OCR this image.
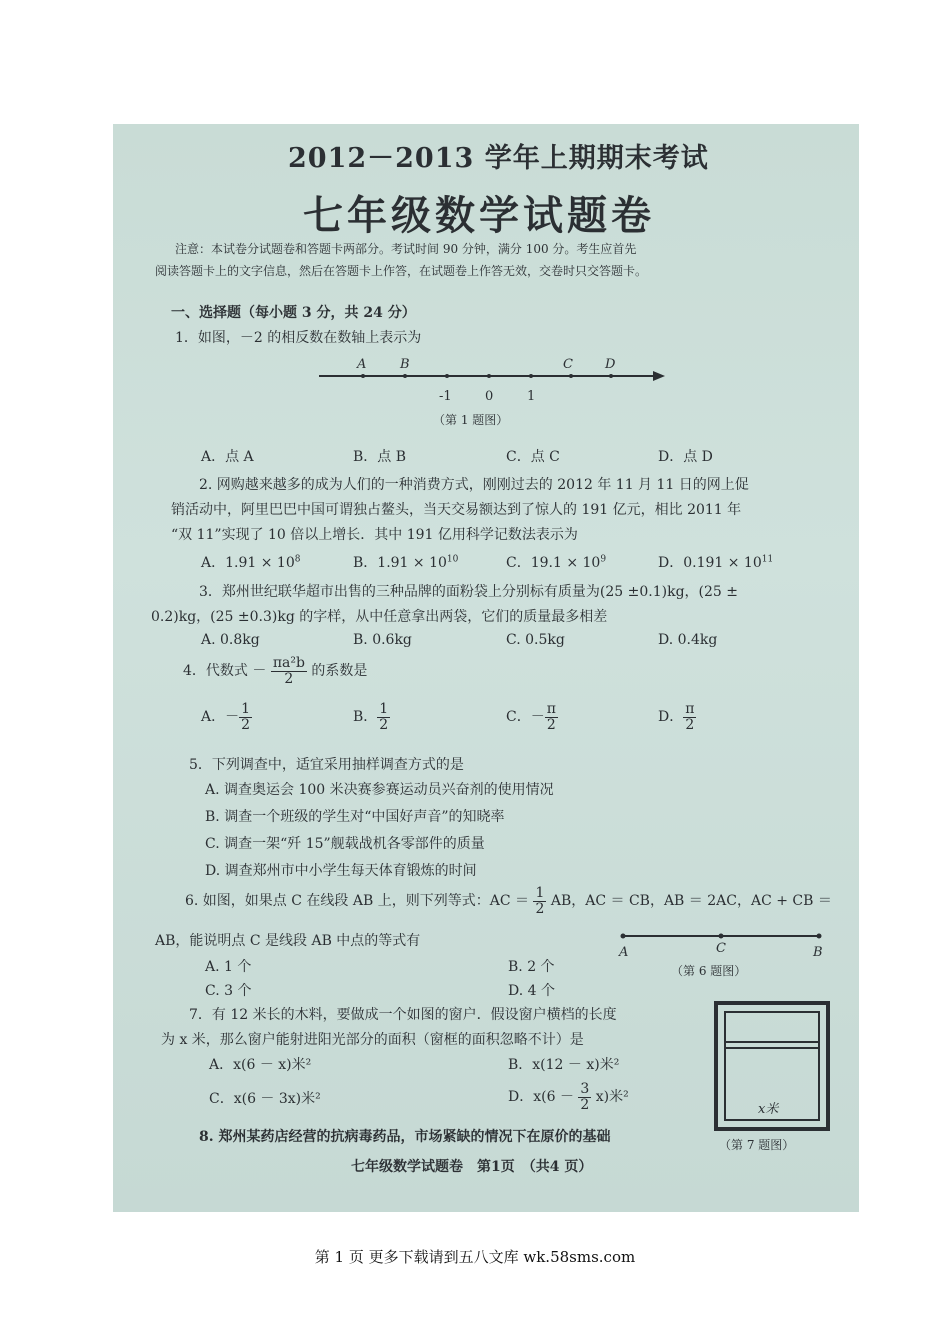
2012－2013 学年上期期末考试
七年级数学试题卷
注意：本试卷分试题卷和答题卡两部分。考试时间 90 分钟，满分 100 分。考生应首先
阅读答题卡上的文字信息，然后在答题卡上作答，在试题卷上作答无效，交卷时只交答题卡。
一、选择题（每小题 3 分，共 24 分）
1．如图，－2 的相反数在数轴上表示为
A	B	C D
-1	0	1
（第 1 题图）
A．点 A	B．点 B	C．点 C	D．点 D
2. 网购越来越多的成为人们的一种消费方式，刚刚过去的 2012 年 11 月 11 日的网上促
销活动中，阿里巴巴中国可谓独占鳌头，当天交易额达到了惊人的 191 亿元，相比 2011 年
“双 11”实现了 10 倍以上增长．其中 191 亿用科学记数法表示为
A．$1.91 \times 10^8$	B．$1.91 \times 10^{10}$	C．$19.1 \times 10^9$	D．$0.191 \times 10^{11}$
3．郑州世纪联华超市出售的三种品牌的面粉袋上分别标有质量为(25 ±0.1)kg，(25 ±
0.2)kg，(25 ±0.3)kg 的字样，从中任意拿出两袋，它们的质量最多相差
A. 0.8kg	B. 0.6kg	C. 0.5kg	D. 0.4kg
4．代数式 － $\frac{\text{πa²b}}{2}$ 的系数是
A．－ $\frac{1}{2}$	B． $\frac{1}{2}$	C．－ $\frac{\pi}{2}$	D． $\frac{\pi}{2}$
5．下列调查中，适宜采用抽样调查方式的是
A. 调查奥运会 100 米决赛参赛运动员兴奋剂的使用情况
B. 调查一个班级的学生对“中国好声音”的知晓率
C. 调查一架“歼 15”舰载战机各零部件的质量
D. 调查郑州市中小学生每天体育锻炼的时间
6. 如图，如果点 C 在线段 AB 上，则下列等式：AC ＝ $\frac{1}{2}$ AB，AC ＝ CB，AB ＝ 2AC，AC + CB ＝
AB，能说明点 C 是线段 AB 中点的等式有
A. 1 个	B. 2 个
C. 3 个	D. 4 个
A	C	B
（第 6 题图）
7．有 12 米长的木料，要做成一个如图的窗户．假设窗户横档的长度
为 x 米，那么窗户能射进阳光部分的面积（窗框的面积忽略不计）是
A．x(6 － x)米²	B．x(12 － x)米²
C．x(6 － 3x)米²	D．$x(6 - \frac{3}{2} x)$米²
x米
（第 7 题图）
8. 郑州某药店经营的抗病毒药品，市场紧缺的情况下在原价的基础
七年级数学试题卷　第1页　（共4 页）
第 1 页 更多下载请到五八文库 wk.58sms.com
